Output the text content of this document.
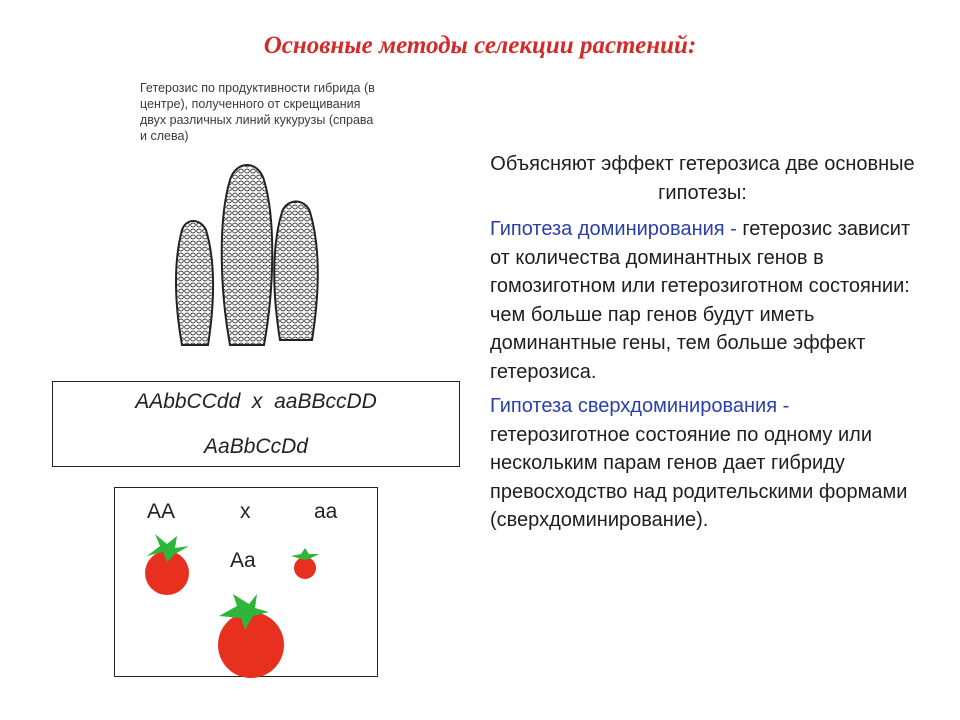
Основные методы селекции растений:
Гетерозис по продуктивности гибрида (в центре), полученного от скрещивания двух различных линий кукурузы (справа и слева)
AAbbCCdd  x  aaBBccDD
AaBbCcDd
AA	x	aa
Aa
Объясняют эффект гетерозиса две основные гипотезы:

Гипотеза доминирования - гетерозис зависит от количества доминантных генов в гомозиготном или гетерозиготном состоянии: чем больше пар генов будут иметь доминантные гены, тем больше эффект гетерозиса.

Гипотеза сверхдоминирования - гетерозиготное состояние по одному или нескольким парам генов дает гибриду превосходство над родительскими формами (сверхдоминирование).
